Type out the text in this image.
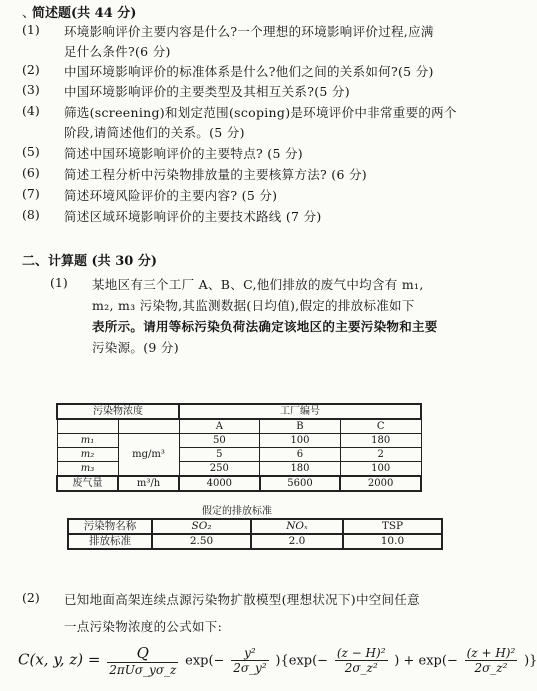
、
简述题(共 44 分)
(1) 环境影响评价主要内容是什么?一个理想的环境影响评价过程,应满
足什么条件?(6 分)
(2) 中国环境影响评价的标准体系是什么?他们之间的关系如何?(5 分)
(3) 中国环境影响评价的主要类型及其相互关系?(5 分)
(4) 筛选(screening)和划定范围(scoping)是环境评价中非常重要的两个
阶段,请简述他们的关系。(5 分)
(5) 简述中国环境影响评价的主要特点? (5 分)
(6) 简述工程分析中污染物排放量的主要核算方法? (6 分)
(7) 简述环境风险评价的主要内容? (5 分)
(8) 简述区域环境影响评价的主要技术路线 (7 分)
二、计算题 (共 30 分)
(1) 某地区有三个工厂 A、B、C,他们排放的废气中均含有 m₁,
m₂, m₃ 污染物,其监测数据(日均值),假定的排放标准如下
表所示。请用等标污染负荷法确定该地区的主要污染物和主要
污染源。(9 分)
污染物浓度		工厂编号		
		A	B	C
m₁	mg/m³	50	100	180
m₂		5	6	2
m₃		250	180	100
废气量	m³/h	4000	5600	2000
假定的排放标准
污染物名称	SO₂	NOₓ	TSP
排放标准	2.50	2.0	10.0
(2) 已知地面高架连续点源污染物扩散模型(理想状况下)中空间任意
一点污染物浓度的公式如下:
C(x, y, $z) = \frac{Q}{\text{2πUσ\_yσ\_z}} \exp(- \frac{\text{y²}}{\text{2σ\_y²}} )\{\exp(- \frac{\text{(z − H)²}}{\text{2σ\_z²}}$ ) + $\exp(- \frac{\text{(z + H)²}}{\text{2σ\_z²}}$ )}
